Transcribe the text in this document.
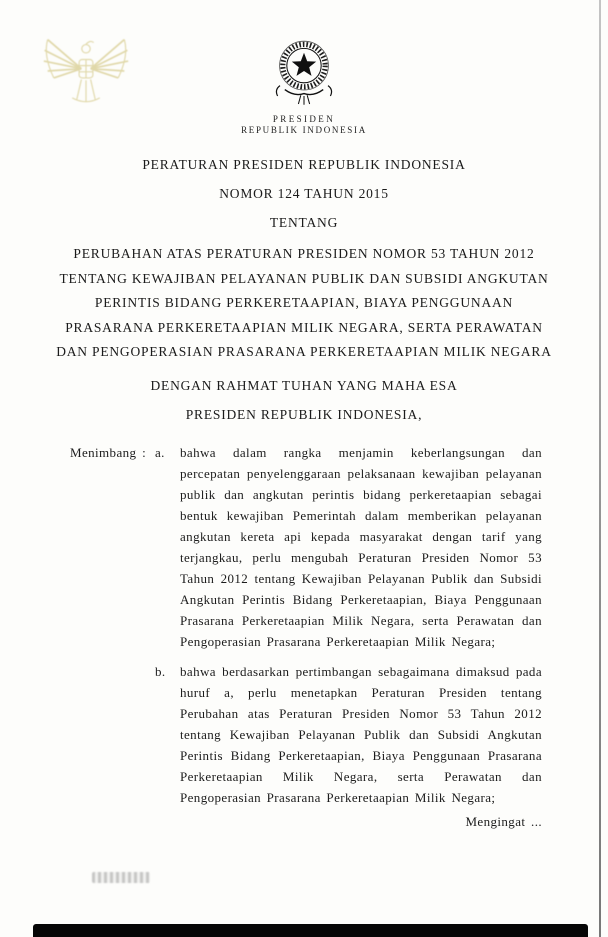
PRESIDEN
REPUBLIK INDONESIA
PERATURAN PRESIDEN REPUBLIK INDONESIA
NOMOR 124 TAHUN 2015
TENTANG
PERUBAHAN ATAS PERATURAN PRESIDEN NOMOR 53 TAHUN 2012 TENTANG KEWAJIBAN PELAYANAN PUBLIK DAN SUBSIDI ANGKUTAN PERINTIS BIDANG PERKERETAAPIAN, BIAYA PENGGUNAAN PRASARANA PERKERETAAPIAN MILIK NEGARA, SERTA PERAWATAN DAN PENGOPERASIAN PRASARANA PERKERETAAPIAN MILIK NEGARA
DENGAN RAHMAT TUHAN YANG MAHA ESA
PRESIDEN REPUBLIK INDONESIA,
Menimbang : a.	bahwa dalam rangka menjamin keberlangsungan dan percepatan penyelenggaraan pelaksanaan kewajiban pelayanan publik dan angkutan perintis bidang perkeretaapian sebagai bentuk kewajiban Pemerintah dalam memberikan pelayanan angkutan kereta api kepada masyarakat dengan tarif yang terjangkau, perlu mengubah Peraturan Presiden Nomor 53 Tahun 2012 tentang Kewajiban Pelayanan Publik dan Subsidi Angkutan Perintis Bidang Perkeretaapian, Biaya Penggunaan Prasarana Perkeretaapian Milik Negara, serta Perawatan dan Pengoperasian Prasarana Perkeretaapian Milik Negara;
b.	bahwa berdasarkan pertimbangan sebagaimana dimaksud pada huruf a, perlu menetapkan Peraturan Presiden tentang Perubahan atas Peraturan Presiden Nomor 53 Tahun 2012 tentang Kewajiban Pelayanan Publik dan Subsidi Angkutan Perintis Bidang Perkeretaapian, Biaya Penggunaan Prasarana Perkeretaapian Milik Negara, serta Perawatan dan Pengoperasian Prasarana Perkeretaapian Milik Negara;
Mengingat ...
